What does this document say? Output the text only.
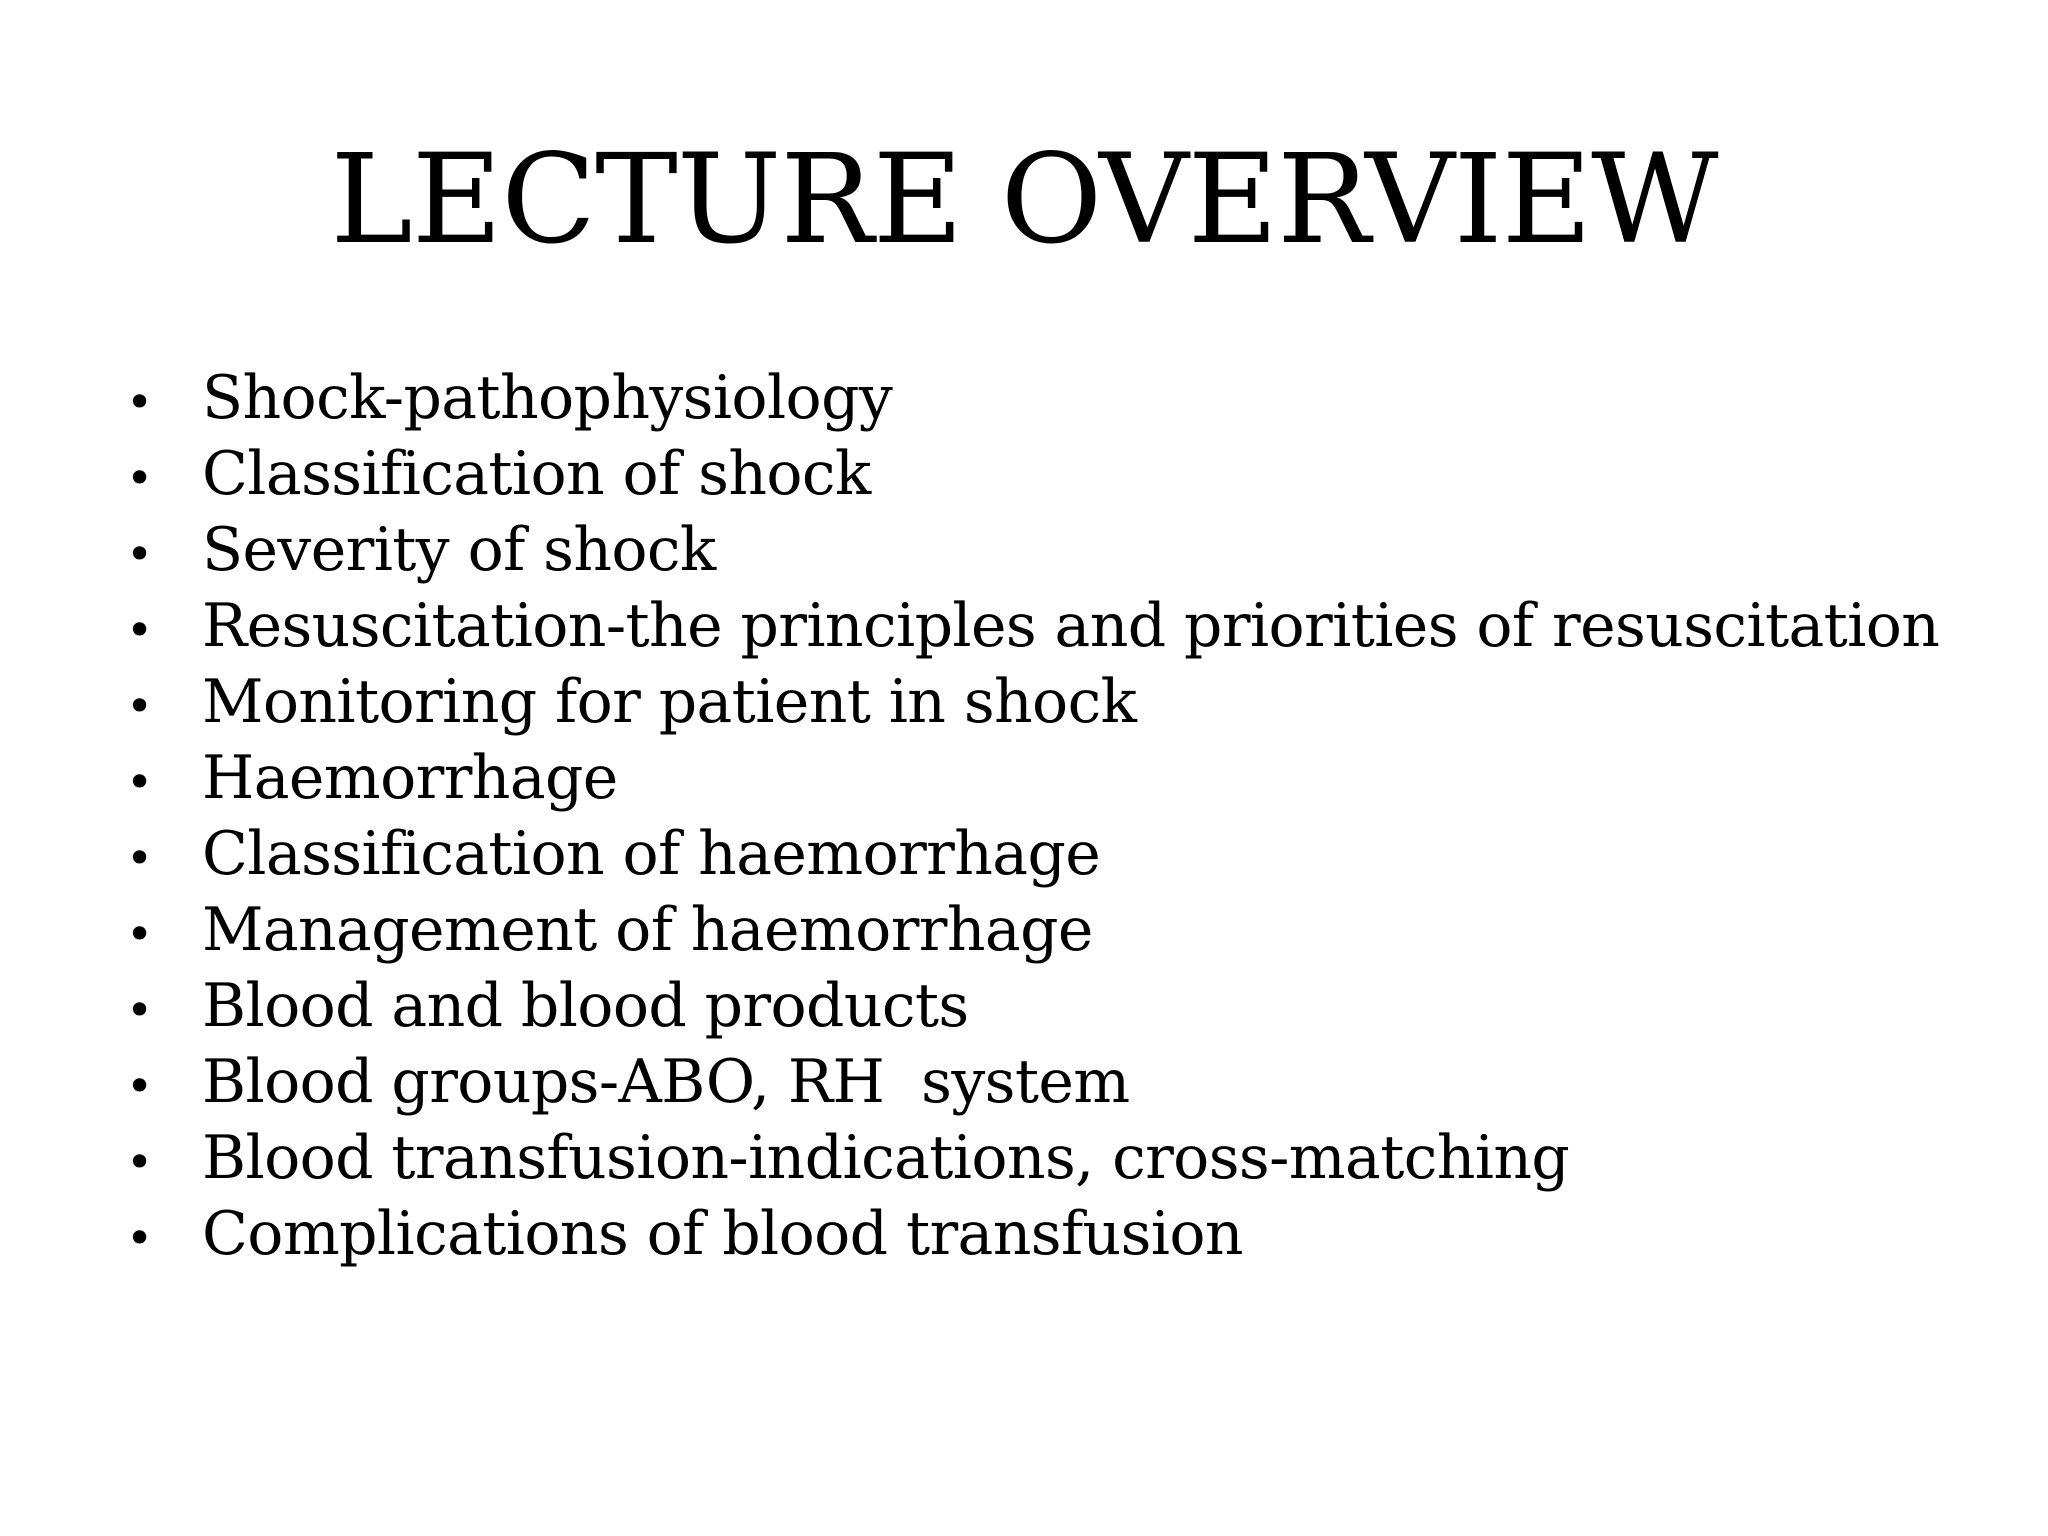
LECTURE OVERVIEW
• Shock-pathophysiology
• Classification of shock
• Severity of shock
• Resuscitation-the principles and priorities of resuscitation
• Monitoring for patient in shock
• Haemorrhage
• Classification of haemorrhage
• Management of haemorrhage
• Blood and blood products
• Blood groups-ABO, RH  system
• Blood transfusion-indications, cross-matching
• Complications of blood transfusion
